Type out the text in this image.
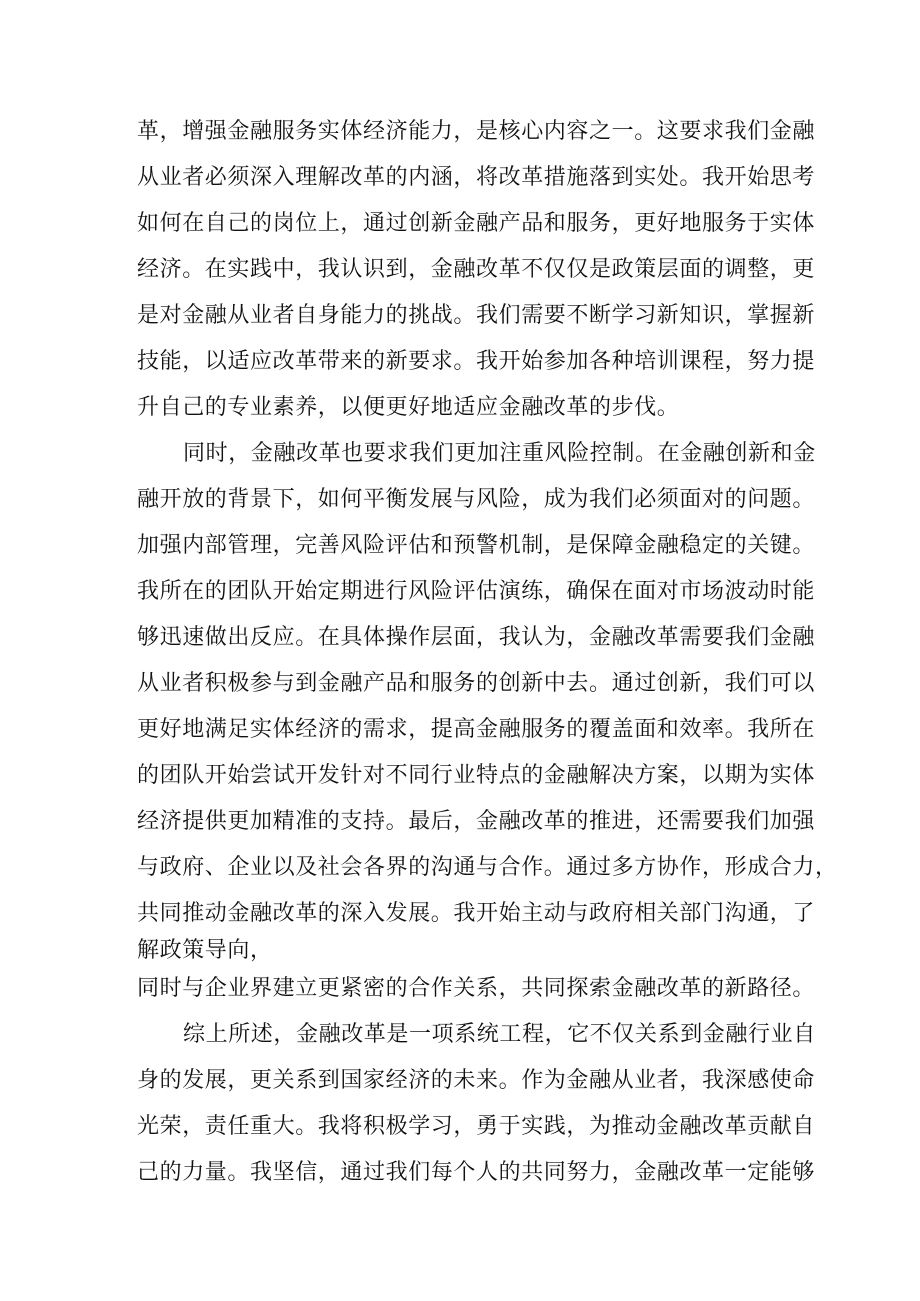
革，增强金融服务实体经济能力，是核心内容之一。这要求我们金融
从业者必须深入理解改革的内涵，将改革措施落到实处。我开始思考
如何在自己的岗位上，通过创新金融产品和服务，更好地服务于实体
经济。在实践中，我认识到，金融改革不仅仅是政策层面的调整，更
是对金融从业者自身能力的挑战。我们需要不断学习新知识，掌握新
技能，以适应改革带来的新要求。我开始参加各种培训课程，努力提
升自己的专业素养，以便更好地适应金融改革的步伐。
同时，金融改革也要求我们更加注重风险控制。在金融创新和金
融开放的背景下，如何平衡发展与风险，成为我们必须面对的问题。
加强内部管理，完善风险评估和预警机制，是保障金融稳定的关键。
我所在的团队开始定期进行风险评估演练，确保在面对市场波动时能
够迅速做出反应。在具体操作层面，我认为，金融改革需要我们金融
从业者积极参与到金融产品和服务的创新中去。通过创新，我们可以
更好地满足实体经济的需求，提高金融服务的覆盖面和效率。我所在
的团队开始尝试开发针对不同行业特点的金融解决方案，以期为实体
经济提供更加精准的支持。最后，金融改革的推进，还需要我们加强
与政府、企业以及社会各界的沟通与合作。通过多方协作，形成合力，
共同推动金融改革的深入发展。我开始主动与政府相关部门沟通，了
解政策导向，
同时与企业界建立更紧密的合作关系，共同探索金融改革的新路径。
综上所述，金融改革是一项系统工程，它不仅关系到金融行业自
身的发展，更关系到国家经济的未来。作为金融从业者，我深感使命
光荣，责任重大。我将积极学习，勇于实践，为推动金融改革贡献自
己的力量。我坚信，通过我们每个人的共同努力，金融改革一定能够
